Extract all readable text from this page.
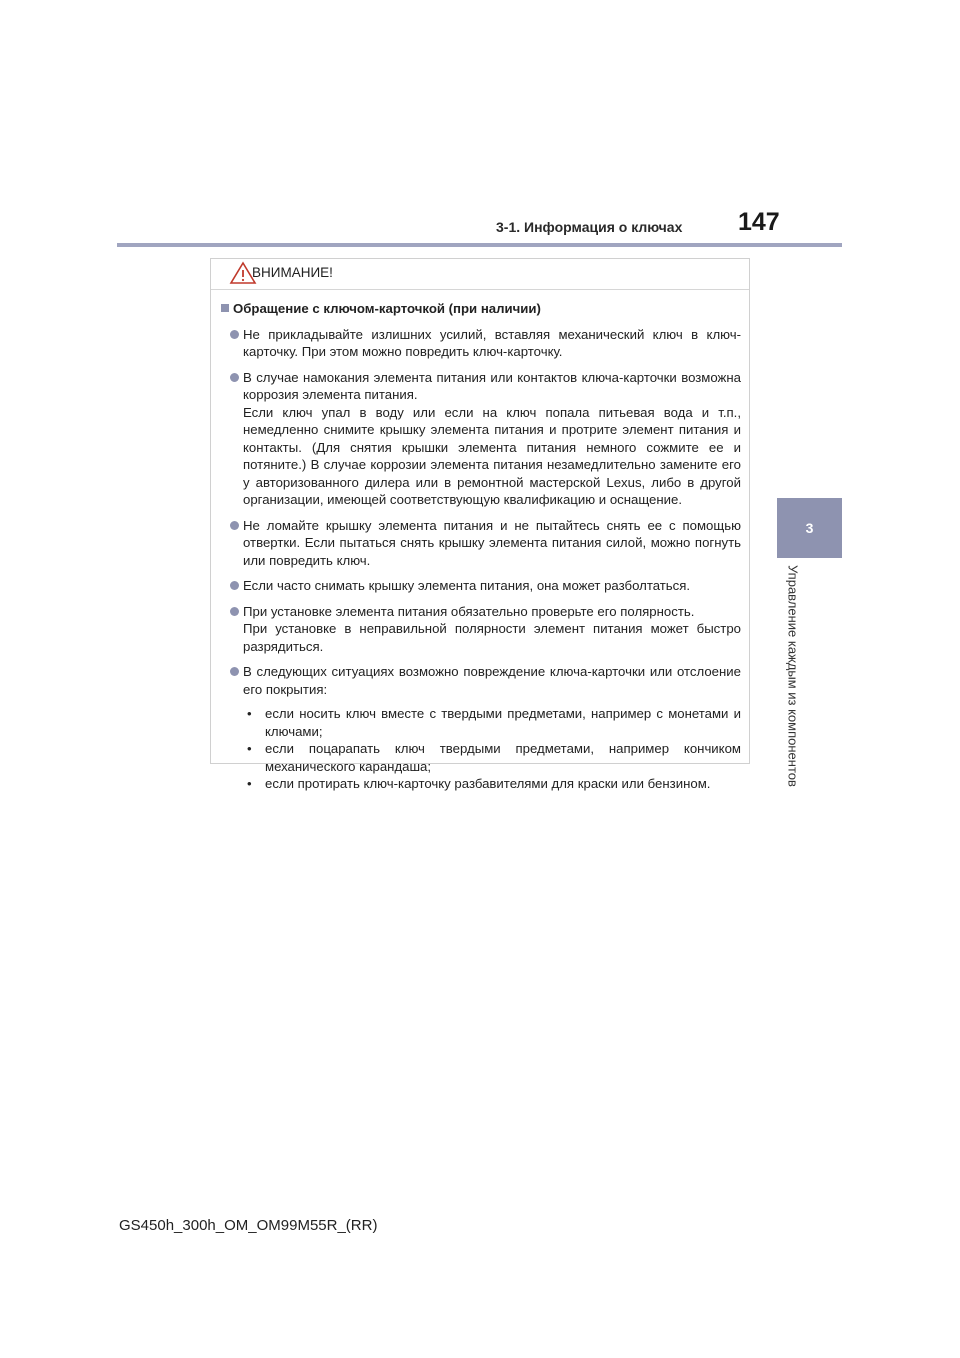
3-1. Информация о ключах 147
3
Управление каждым из компонентов
ВНИМАНИЕ!
Обращение с ключом-карточкой (при наличии)

Не прикладывайте излишних усилий, вставляя механический ключ в ключ-карточку. При этом можно повредить ключ-карточку.

В случае намокания элемента питания или контактов ключа-карточки возможна коррозия элемента питания.

Если ключ упал в воду или если на ключ попала питьевая вода и т.п., немедленно снимите крышку элемента питания и протрите элемент питания и контакты. (Для снятия крышки элемента питания немного сожмите ее и потяните.) В случае коррозии элемента питания незамедлительно замените его у авторизованного дилера или в ремонтной мастерской Lexus, либо в другой организации, имеющей соответствующую квалификацию и оснащение.

Не ломайте крышку элемента питания и не пытайтесь снять ее с помощью отвертки. Если пытаться снять крышку элемента питания силой, можно погнуть или повредить ключ.

Если часто снимать крышку элемента питания, она может разболтаться.

При установке элемента питания обязательно проверьте его полярность.

При установке в неправильной полярности элемент питания может быстро разрядиться.

В следующих ситуациях возможно повреждение ключа-карточки или отслоение его покрытия:

• если носить ключ вместе с твердыми предметами, например с монетами и ключами;
• если поцарапать ключ твердыми предметами, например кончиком механического карандаша;
• если протирать ключ-карточку разбавителями для краски или бензином.
GS450h_300h_OM_OM99M55R_(RR)
